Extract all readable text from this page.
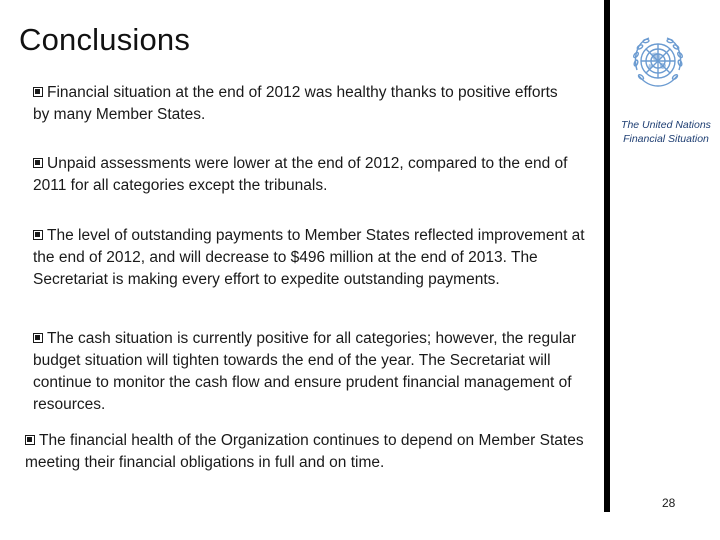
Conclusions
The United Nations
Financial Situation
Financial situation at the end of 2012 was healthy thanks to positive efforts by many Member States.
Unpaid assessments were lower at the end of 2012, compared to the end of 2011 for all categories except the tribunals.
The level of outstanding payments to Member States reflected improvement at the end of 2012, and will decrease to $496 million at the end of 2013. The Secretariat is making every effort to expedite outstanding payments.
The cash situation is currently positive for all categories; however, the regular budget situation will tighten towards the end of the year. The Secretariat will continue to monitor the cash flow and ensure prudent financial management of resources.
The financial health of the Organization continues to depend on Member States meeting their financial obligations in full and on time.
28
